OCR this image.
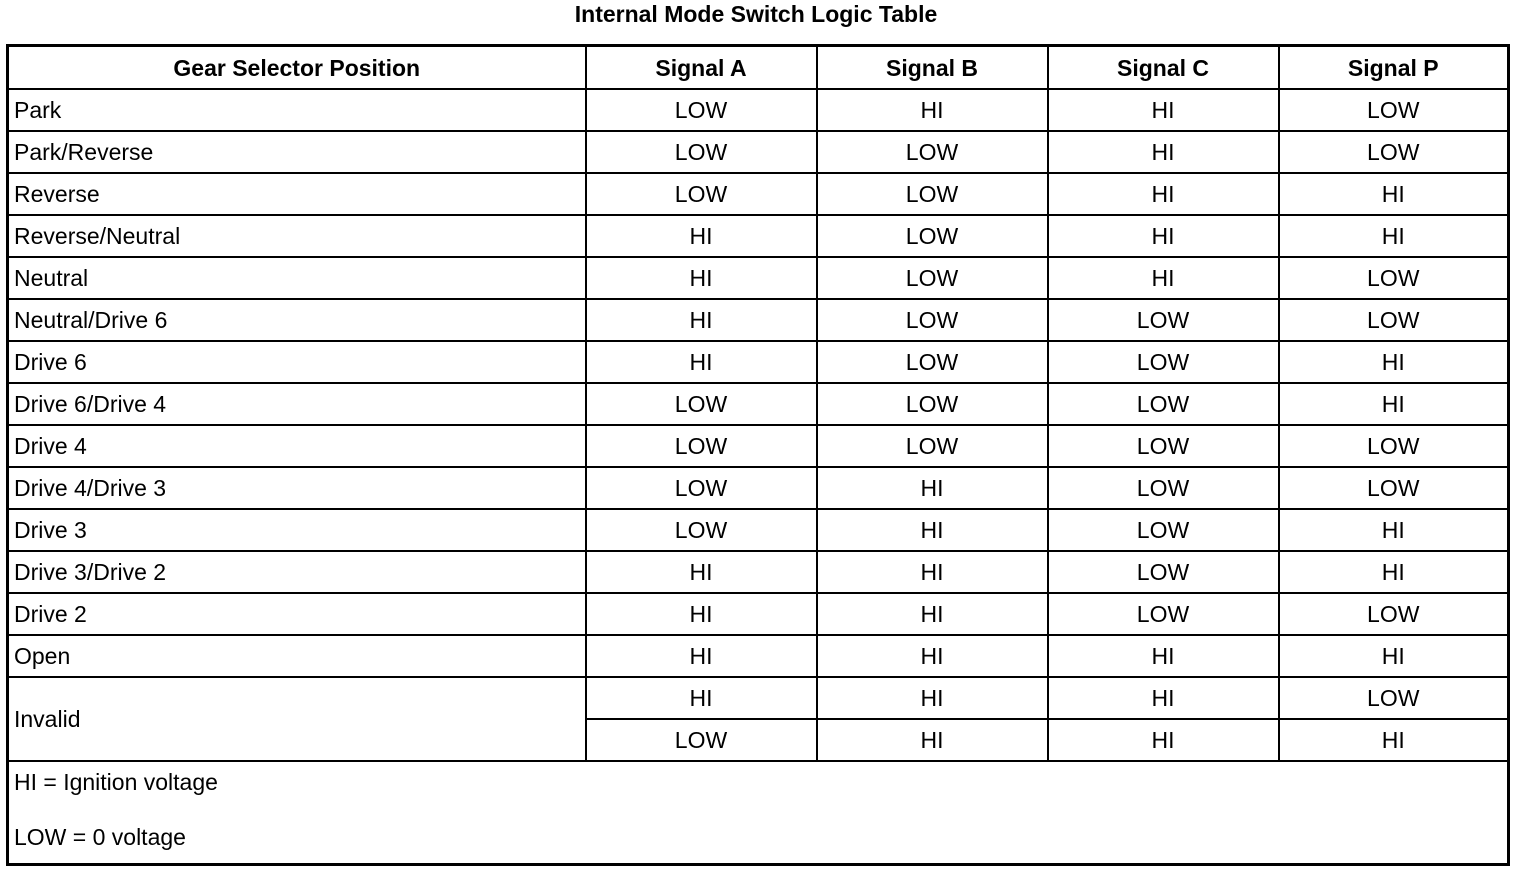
Internal Mode Switch Logic Table
Gear Selector Position	Signal A	Signal B	Signal C	Signal P
Park	LOW	HI	HI	LOW
Park/Reverse	LOW	LOW	HI	LOW
Reverse	LOW	LOW	HI	HI
Reverse/Neutral	HI	LOW	HI	HI
Neutral	HI	LOW	HI	LOW
Neutral/Drive 6	HI	LOW	LOW	LOW
Drive 6	HI	LOW	LOW	HI
Drive 6/Drive 4	LOW	LOW	LOW	HI
Drive 4	LOW	LOW	LOW	LOW
Drive 4/Drive 3	LOW	HI	LOW	LOW
Drive 3	LOW	HI	LOW	HI
Drive 3/Drive 2	HI	HI	LOW	HI
Drive 2	HI	HI	LOW	LOW
Open	HI	HI	HI	HI
Invalid	HI	HI	HI	LOW
	LOW	HI	HI	HI

HI = Ignition voltage
LOW = 0 voltage				
